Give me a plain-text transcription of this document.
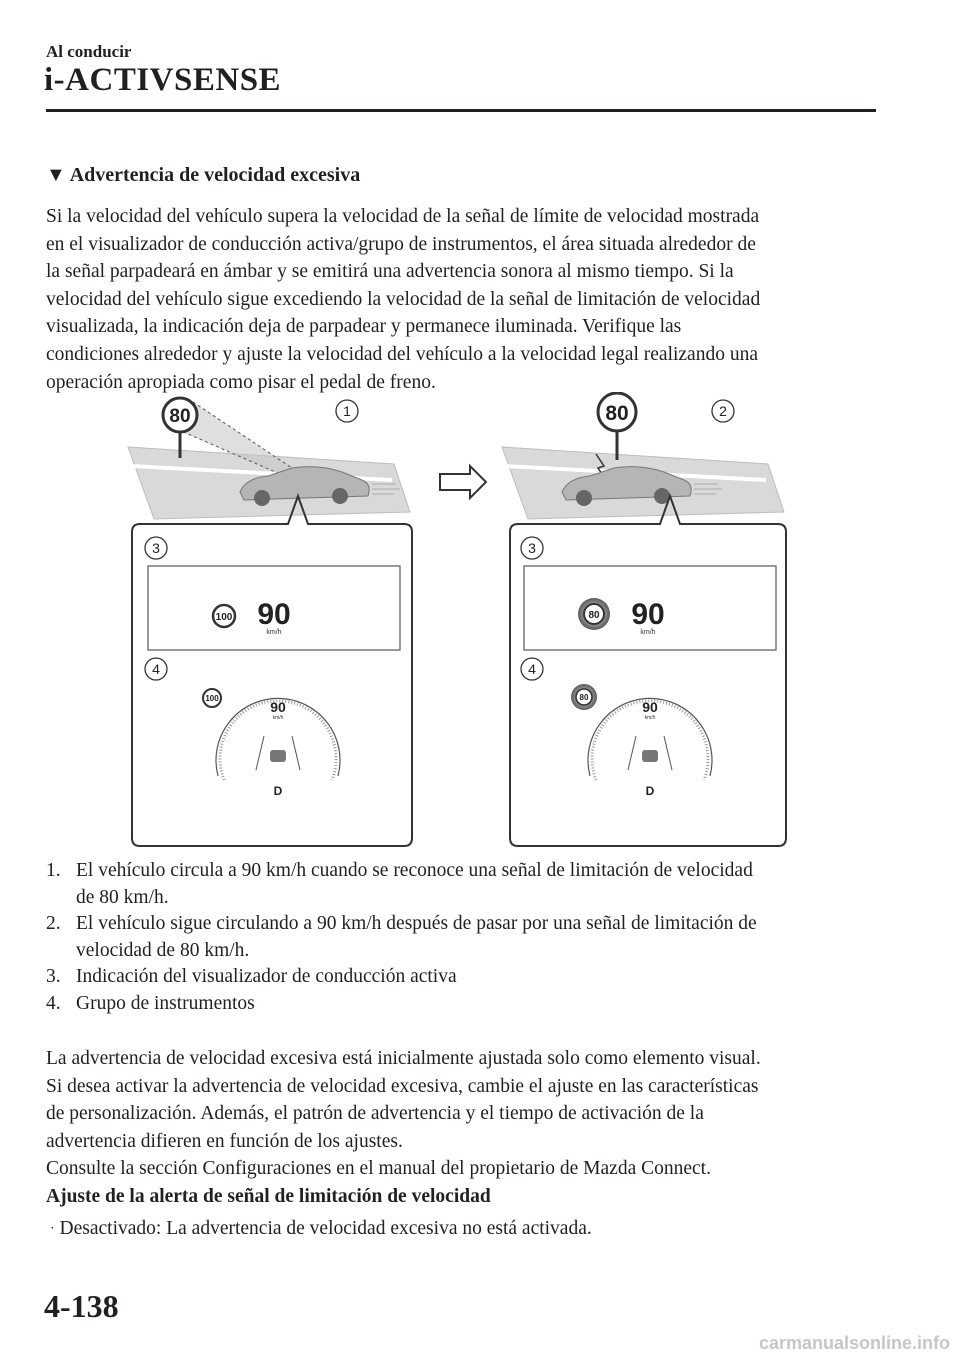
Al conducir
i-ACTIVSENSE
▼ Advertencia de velocidad excesiva
Si la velocidad del vehículo supera la velocidad de la señal de límite de velocidad mostrada
en el visualizador de conducción activa/grupo de instrumentos, el área situada alrededor de
la señal parpadeará en ámbar y se emitirá una advertencia sonora al mismo tiempo. Si la
velocidad del vehículo sigue excediendo la velocidad de la señal de limitación de velocidad
visualizada, la indicación deja de parpadear y permanece iluminada. Verifique las
condiciones alrededor y ajuste la velocidad del vehículo a la velocidad legal realizando una
operación apropiada como pisar el pedal de freno.
80
3
100 90
km/h
4
100
90
km/h
D
1	80	2
3
80 90
km/h
4
80
90
km/h
D
1. El vehículo circula a 90 km/h cuando se reconoce una señal de limitación de velocidad
de 80 km/h.
2. El vehículo sigue circulando a 90 km/h después de pasar por una señal de limitación de
velocidad de 80 km/h.
3. Indicación del visualizador de conducción activa
4. Grupo de instrumentos
La advertencia de velocidad excesiva está inicialmente ajustada solo como elemento visual.
Si desea activar la advertencia de velocidad excesiva, cambie el ajuste en las características
de personalización. Además, el patrón de advertencia y el tiempo de activación de la
advertencia difieren en función de los ajustes.
Consulte la sección Configuraciones en el manual del propietario de Mazda Connect.
Ajuste de la alerta de señal de limitación de velocidad
· Desactivado: La advertencia de velocidad excesiva no está activada.
4-138
carmanualsonline.info
